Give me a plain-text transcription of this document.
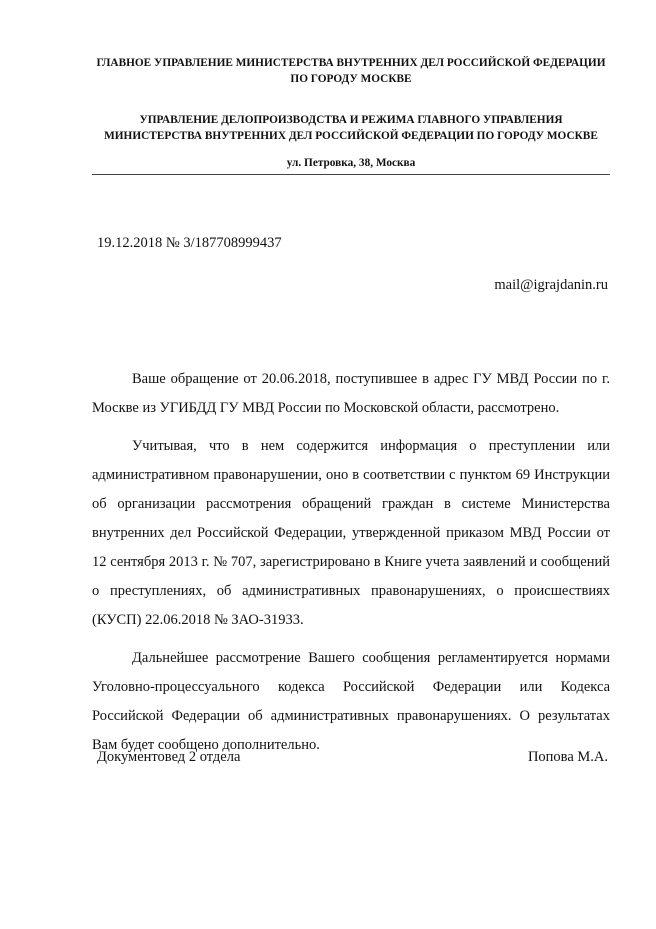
ГЛАВНОЕ УПРАВЛЕНИЕ МИНИСТЕРСТВА ВНУТРЕННИХ ДЕЛ РОССИЙСКОЙ ФЕДЕРАЦИИ
ПО ГОРОДУ МОСКВЕ
УПРАВЛЕНИЕ ДЕЛОПРОИЗВОДСТВА И РЕЖИМА ГЛАВНОГО УПРАВЛЕНИЯ
МИНИСТЕРСТВА ВНУТРЕННИХ ДЕЛ РОССИЙСКОЙ ФЕДЕРАЦИИ ПО ГОРОДУ МОСКВЕ
ул. Петровка, 38, Москва
19.12.2018 № 3/187708999437
mail@igrajdanin.ru

Ваше обращение от 20.06.2018, поступившее в адрес ГУ МВД России по г. Москве из УГИБДД ГУ МВД России по Московской области, рассмотрено.

Учитывая, что в нем содержится информация о преступлении или административном правонарушении, оно в соответствии с пунктом 69 Инструкции об организации рассмотрения обращений граждан в системе Министерства внутренних дел Российской Федерации, утвержденной приказом МВД России от 12 сентября 2013 г. № 707, зарегистрировано в Книге учета заявлений и сообщений о преступлениях, об административных правонарушениях, о происшествиях (КУСП) 22.06.2018 № ЗАО-31933.

Дальнейшее рассмотрение Вашего сообщения регламентируется нормами Уголовно-процессуального кодекса Российской Федерации или Кодекса Российской Федерации об административных правонарушениях. О результатах Вам будет сообщено дополнительно.

Документовед 2 отдела	Попова М.А.
